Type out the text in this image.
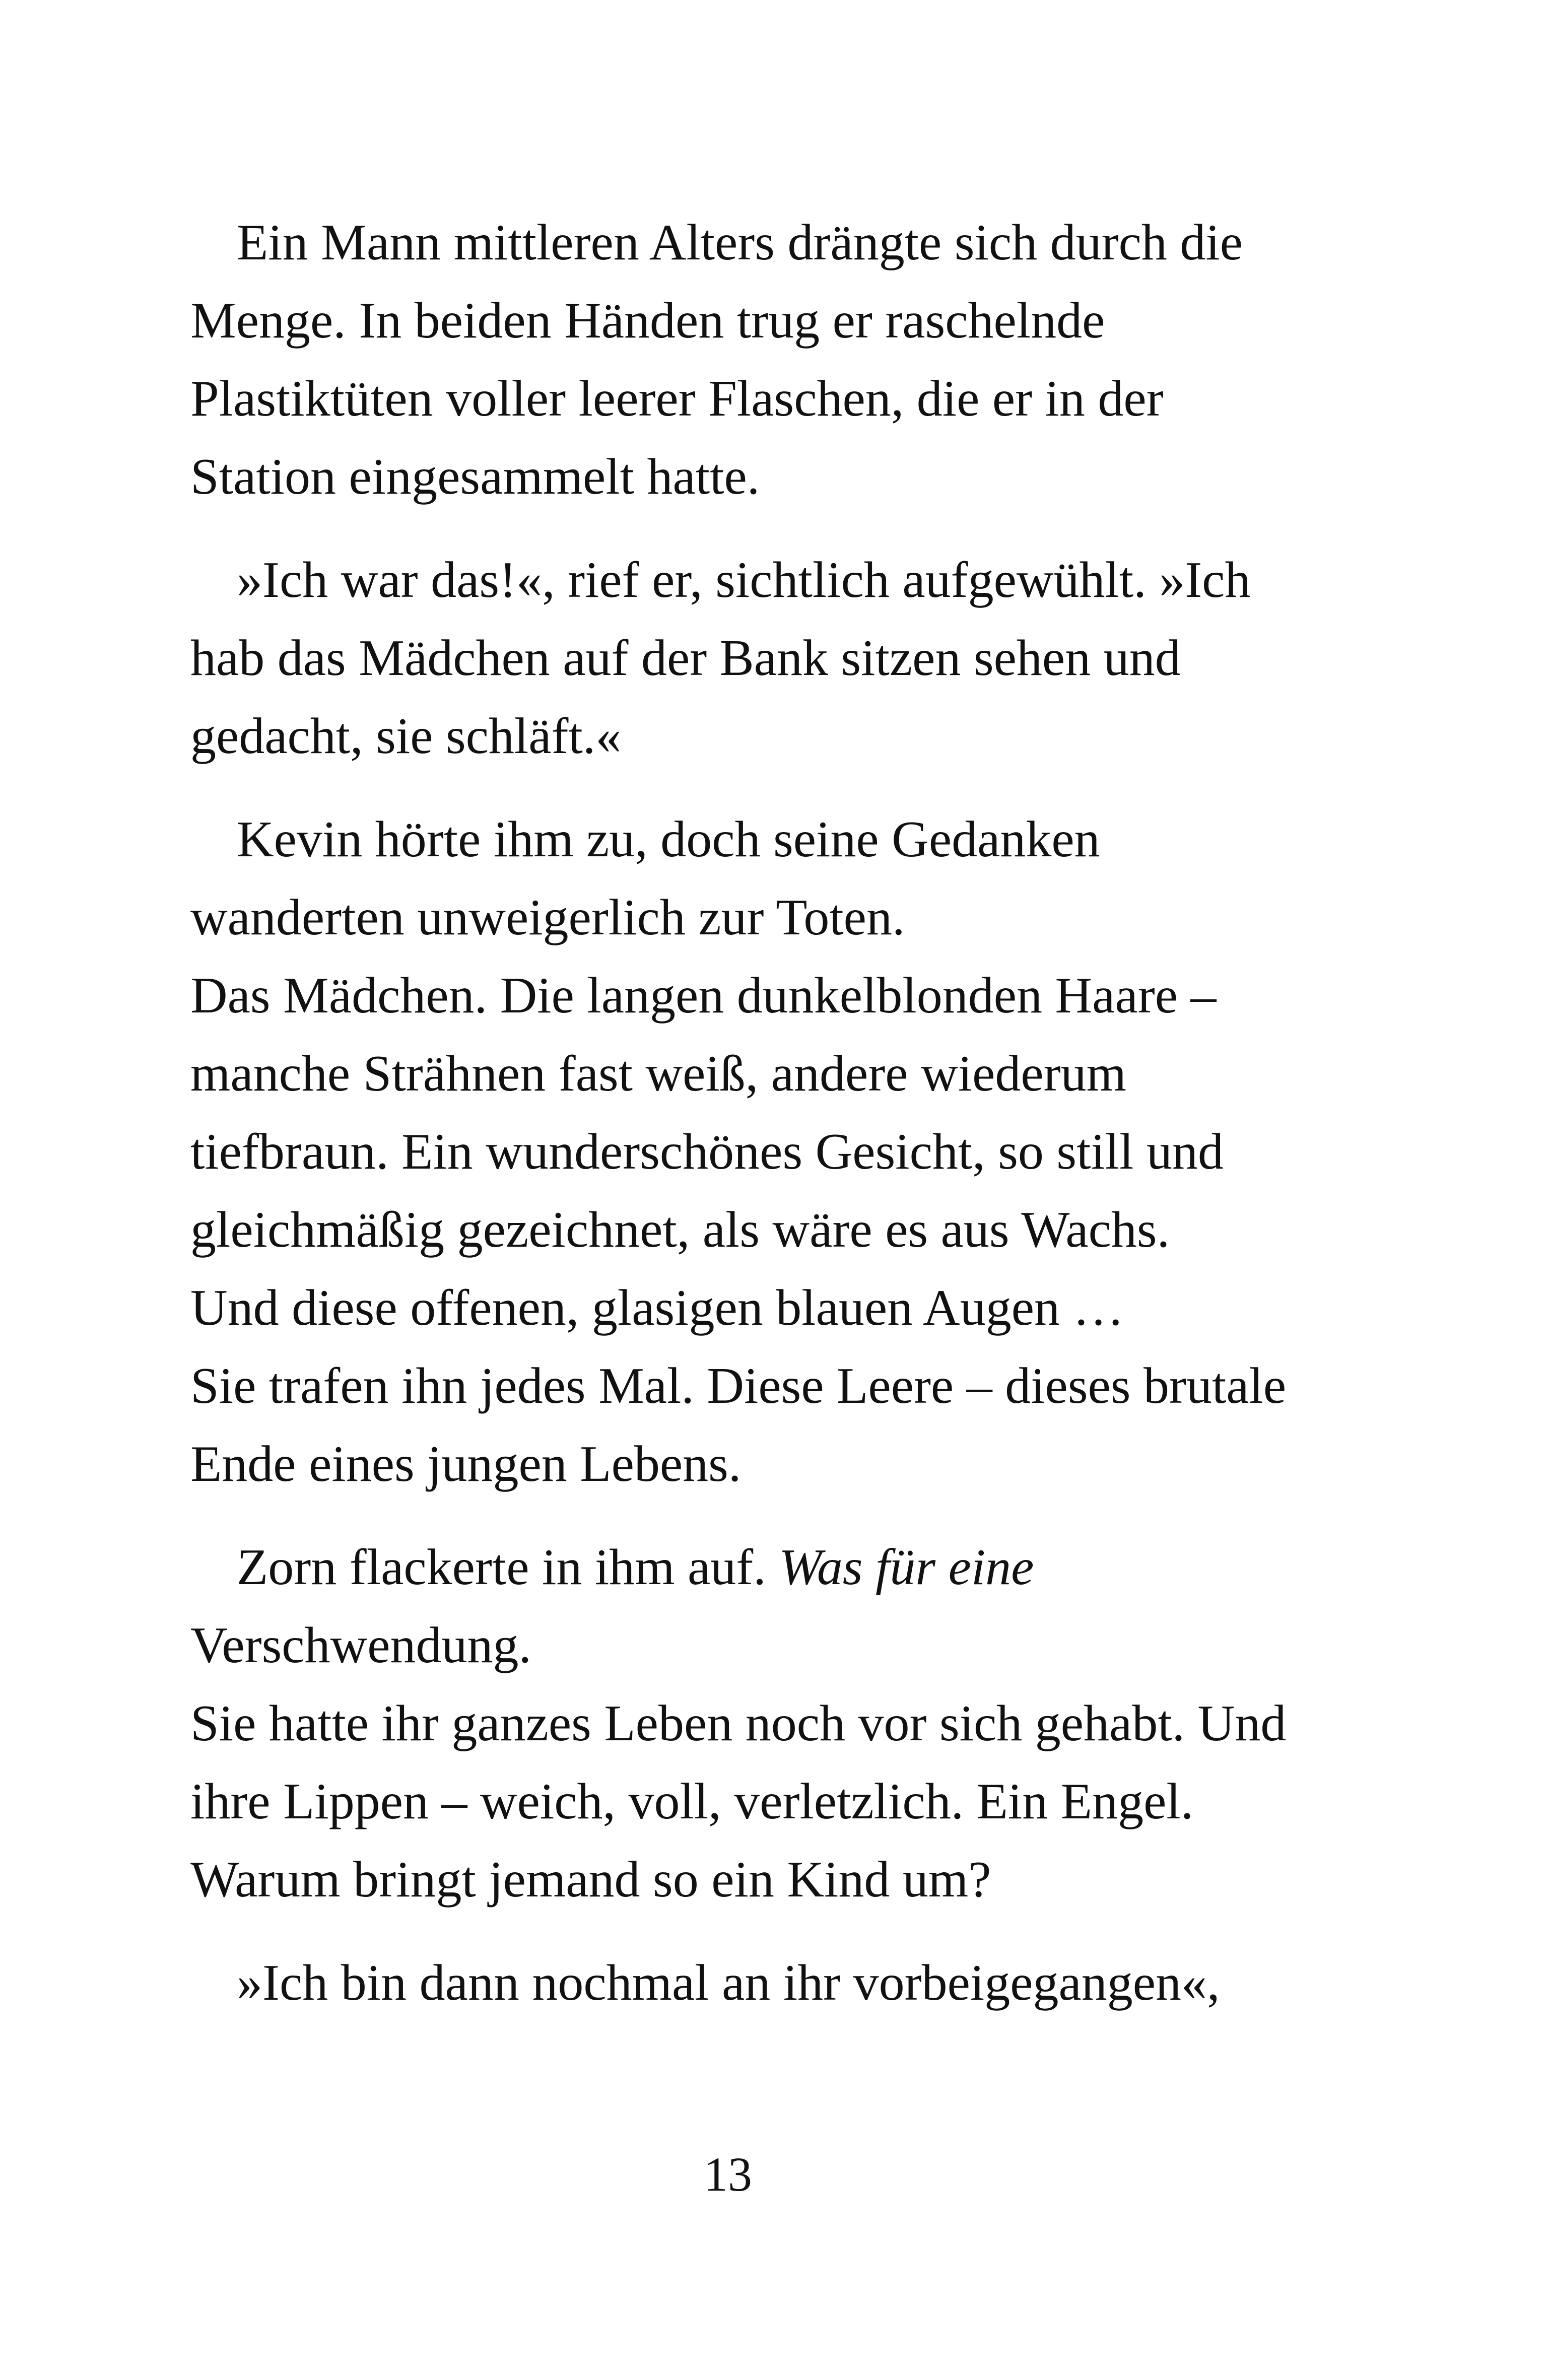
Ein Mann mittleren Alters drängte sich durch die
Menge. In beiden Händen trug er raschelnde
Plastiktüten voller leerer Flaschen, die er in der
Station eingesammelt hatte.

»Ich war das!«, rief er, sichtlich aufgewühlt. »Ich
hab das Mädchen auf der Bank sitzen sehen und
gedacht, sie schläft.«

Kevin hörte ihm zu, doch seine Gedanken
wanderten unweigerlich zur Toten.
Das Mädchen. Die langen dunkelblonden Haare –
manche Strähnen fast weiß, andere wiederum
tiefbraun. Ein wunderschönes Gesicht, so still und
gleichmäßig gezeichnet, als wäre es aus Wachs.
Und diese offenen, glasigen blauen Augen …
Sie trafen ihn jedes Mal. Diese Leere – dieses brutale
Ende eines jungen Lebens.

Zorn flackerte in ihm auf. Was für eine
Verschwendung.
Sie hatte ihr ganzes Leben noch vor sich gehabt. Und
ihre Lippen – weich, voll, verletzlich. Ein Engel.
Warum bringt jemand so ein Kind um?

»Ich bin dann nochmal an ihr vorbeigegangen«,

13
